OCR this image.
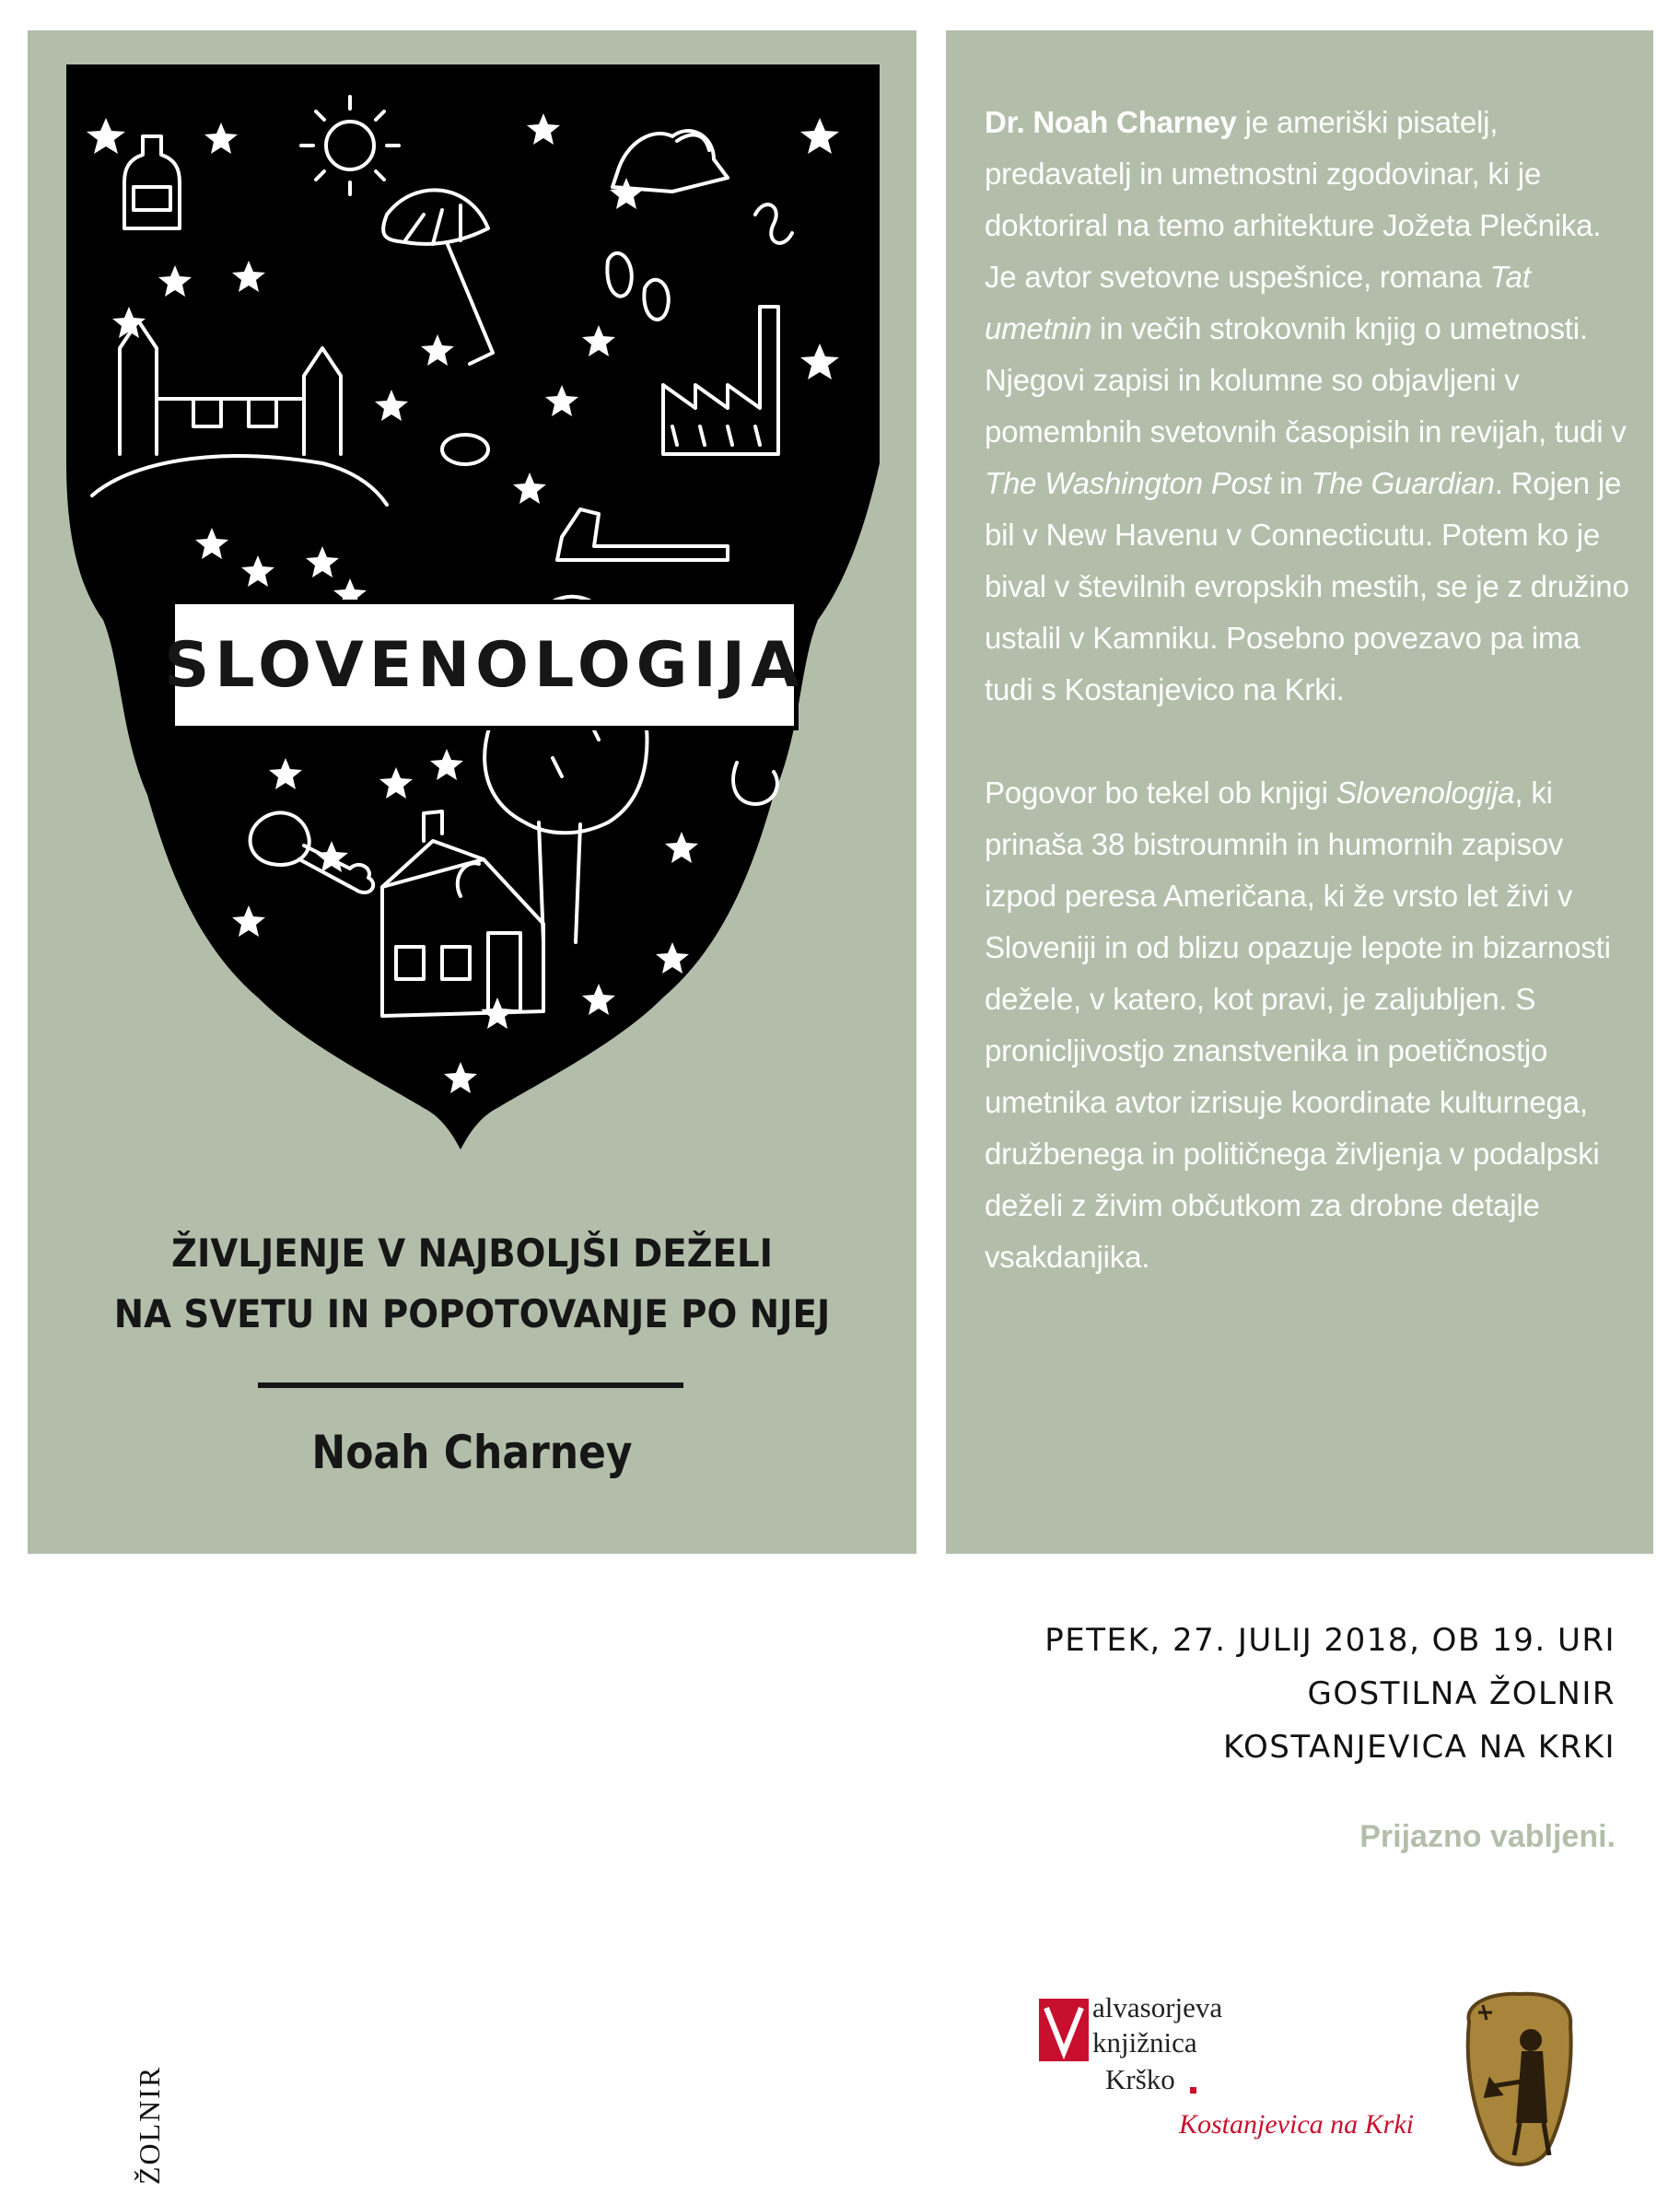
SLOVENOLOGIJA
ŽIVLJENJE V NAJBOLJŠI DEŽELI
NA SVETU IN POPOTOVANJE PO NJEJ
Noah Charney

Dr. Noah Charney je ameriški pisatelj, predavatelj in umetnostni zgodovinar, ki je doktoriral na temo arhitekture Jožeta Plečnika. Je avtor svetovne uspešnice, romana Tat umetnin in večih strokovnih knjig o umetnosti. Njegovi zapisi in kolumne so objavljeni v pomembnih svetovnih časopisih in revijah, tudi v The Washington Post in The Guardian. Rojen je bil v New Havenu v Connecticutu. Potem ko je bival v številnih evropskih mestih, se je z družino ustalil v Kamniku. Posebno povezavo pa ima tudi s Kostanjevico na Krki.

Pogovor bo tekel ob knjigi Slovenologija, ki prinaša 38 bistroumnih in humornih zapisov izpod peresa Američana, ki že vrsto let živi v Sloveniji in od blizu opazuje lepote in bizarnosti dežele, v katero, kot pravi, je zaljubljen. S pronicljivostjo znanstvenika in poetičnostjo umetnika avtor izrisuje koordinate kulturnega, družbenega in političnega življenja v podalpski deželi z živim občutkom za drobne detajle vsakdanjika.

PETEK, 27. JULIJ 2018, OB 19. URI
GOSTILNA ŽOLNIR
KOSTANJEVICA NA KRKI
Prijazno vabljeni.
alvasorjeva
knjižnica
Krško
Kostanjevica na Krki
ŽOLNIR
